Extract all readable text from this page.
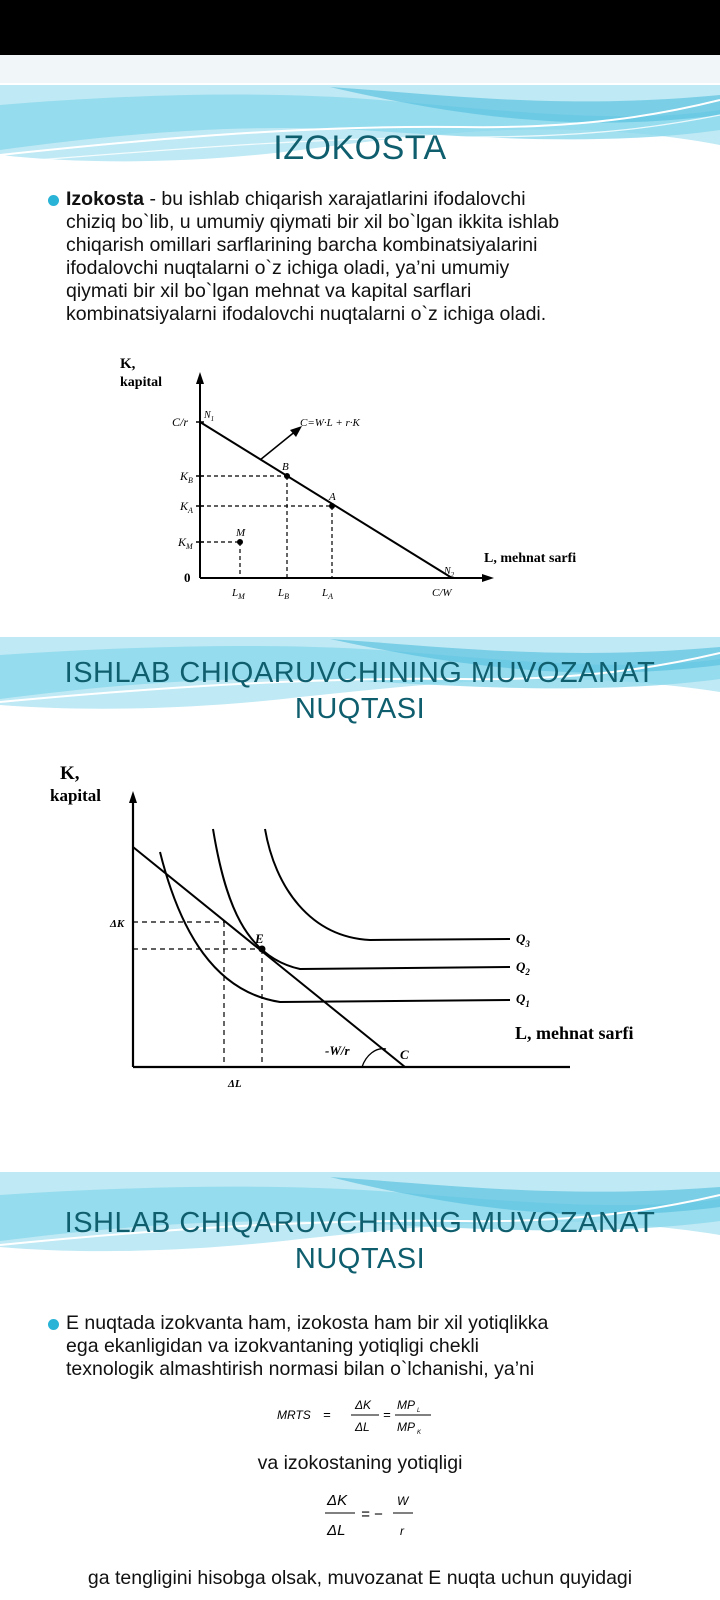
IZOKOSTA
Izokosta - bu ishlab chiqarish xarajatlarini ifodalovchi
chiziq bo`lib, u umumiy qiymati bir xil bo`lgan ikkita ishlab
chiqarish omillari sarflarining barcha kombinatsiyalarini
ifodalovchi nuqtalarni o`z ichiga oladi, ya’ni umumiy
qiymati bir xil bo`lgan mehnat va kapital sarflari
kombinatsiyalarni ifodalovchi nuqtalarni o`z ichiga oladi.
K,
kapital
C/r $N_1$	C=W·L + r·K
$K_B$
$K_A$
$K_M$
0
B
A
M
L, mehnat sarfi
$N_2$
$L_M$	$L_B$	$L_A$	C/W
ISHLAB CHIQARUVCHINING MUVOZANAT
NUQTASI
K,
kapital
ΔK
E	$Q_3$
$Q_2$
$Q_1$
L, mehnat sarfi
-W/r	C
ΔL
ISHLAB CHIQARUVCHINING MUVOZANAT
NUQTASI
E nuqtada izokvanta ham, izokosta ham bir xil yotiqlikka
ega ekanligidan va izokvantaning yotiqligi chekli
texnologik almashtirish normasi bilan o`lchanishi, ya’ni
MRTS =
ΔK
ΔL
=
MP $_L$
MP $_K$
va izokostaning yotiqligi
ΔK
ΔL
= −
W
r
ga tengligini hisobga olsak, muvozanat E nuqta uchun quyidagi
